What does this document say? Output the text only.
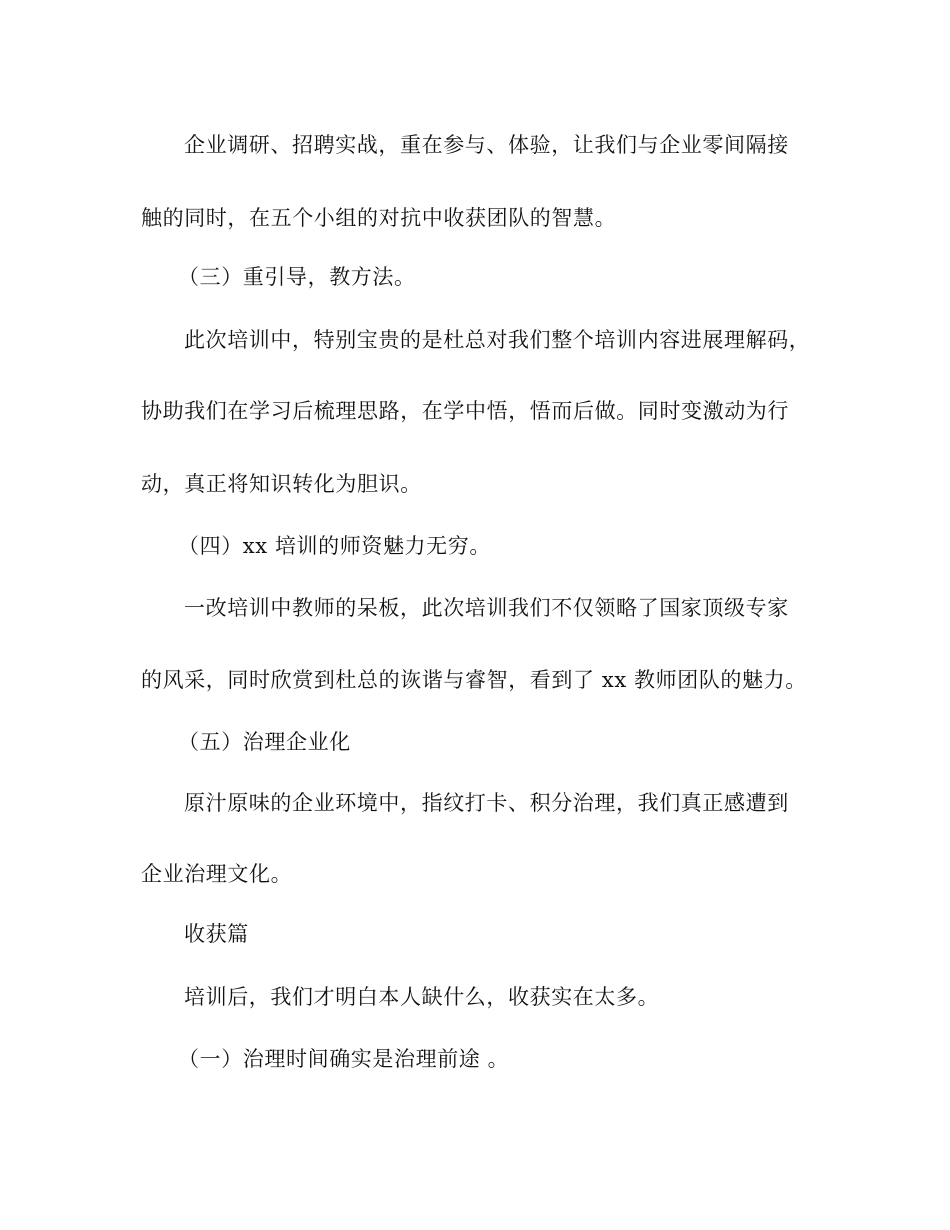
企业调研、招聘实战，重在参与、体验，让我们与企业零间隔接

触的同时，在五个小组的对抗中收获团队的智慧。

（三）重引导，教方法。

此次培训中，特别宝贵的是杜总对我们整个培训内容进展理解码，

协助我们在学习后梳理思路，在学中悟，悟而后做。同时变激动为行

动，真正将知识转化为胆识。

（四）xx 培训的师资魅力无穷。

一改培训中教师的呆板，此次培训我们不仅领略了国家顶级专家

的风采，同时欣赏到杜总的诙谐与睿智，看到了 xx 教师团队的魅力。

（五）治理企业化

原汁原味的企业环境中，指纹打卡、积分治理，我们真正感遭到

企业治理文化。

收获篇

培训后，我们才明白本人缺什么，收获实在太多。

（一）治理时间确实是治理前途 。
